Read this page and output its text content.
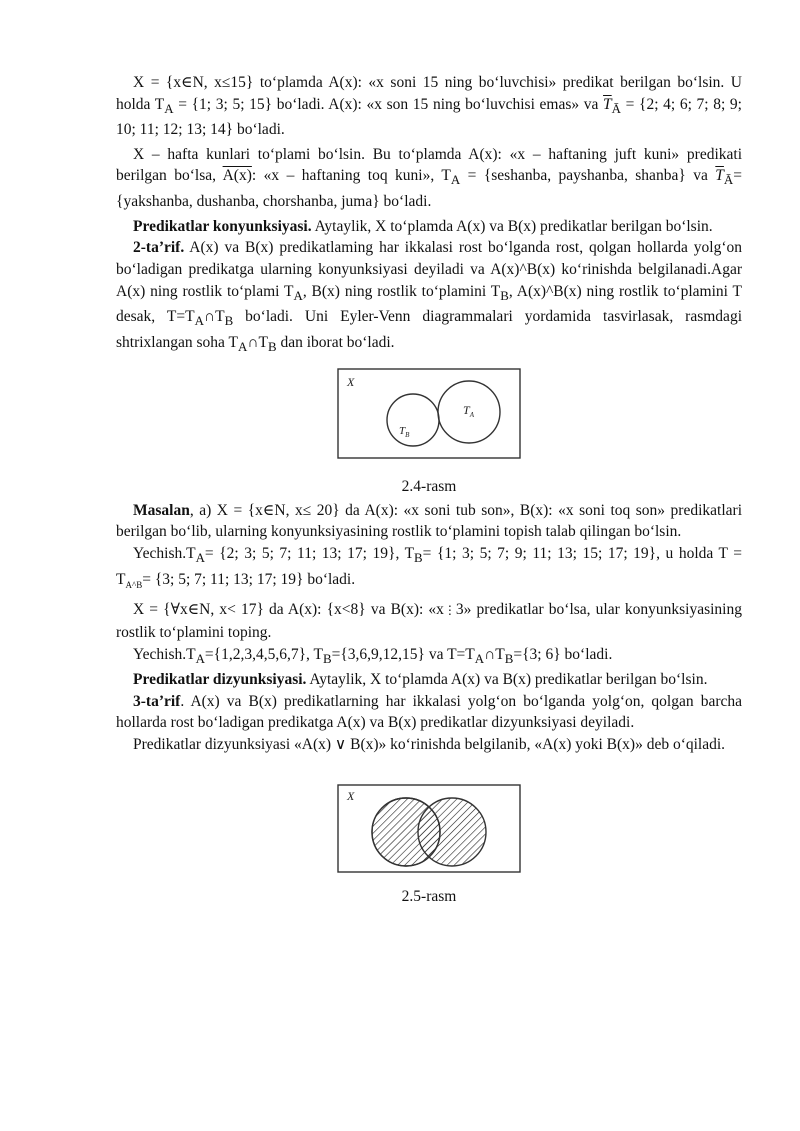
X = {x∈N, x≤15} to‘plamda A(x): «x soni 15 ning bo‘luvchisi» predikat berilgan bo‘lsin. U holda $T_A = \{1$; 3; 5; 15} bo‘ladi. A(x): «x son 15 ning bo‘luvchisi emas» va $\overline{T}_Ā = \{2$; 4; 6; 7; 8; 9; 10; 11; 12; 13; 14} bo‘ladi.

X – hafta kunlari to‘plami bo‘lsin. Bu to‘plamda A(x): «x – haftaning juft kuni» predikati berilgan bo‘lsa, A(x): «x – haftaning toq kuni», $T_A$ = {seshanba, payshanba, shanba} va $\overline{T}_Ā=$ {yakshanba, dushanba, chorshanba, juma} bo‘ladi.

Predikatlar konyunksiyasi. Aytaylik, X to‘plamda A(x) va B(x) predikatlar berilgan bo‘lsin.

2-ta’rif. A(x) va B(x) predikatlaming har ikkalasi rost bo‘lganda rost, qolgan hollarda yolg‘on bo‘ladigan predikatga ularning konyunksiyasi deyiladi va A(x)^B(x) ko‘rinishda belgilanadi.Agar A(x) ning rostlik to‘plami $T_A$, B(x) ning rostlik to‘plamini $T_B$, A(x)^B(x) ning rostlik to‘plamini T desak, $T=T_A\cap T_B$ bo‘ladi. Uni Eyler-Venn diagrammalari yordamida tasvirlasak, rasmdagi shtrixlangan soha $T_A\cap T_B$ dan iborat bo‘ladi.

X
$T_A$
$T_B$
2.4-rasm

Masalan, a) X = {x∈N, x≤ 20} da A(x): «x soni tub son», B(x): «x soni toq son» predikatlari berilgan bo‘lib, ularning konyunksiyasining rostlik to‘plamini topish talab qilingan bo‘lsin.

$Yechish.T_A= \{2$; 3; 5; 7; 11; 13; 17; 19}, $T_B= \{1$; 3; 5; 7; 9; 11; 13; 15; 17; 19}, u holda $T = T_{A\^{}B}= \{3$; 5; 7; 11; 13; 17; 19} bo‘ladi.

X = {∀x∈N, x< 17} da A(x): {x<8} va B(x): «x⋮3» predikatlar bo‘lsa, ular konyunksiyasining rostlik to‘plamini toping.

$Yechish.T_A=\{1,2,3,4,5,6,7\}$, $T_B=\{3,6,9,12,15\}$ va $T=T_A\cap T_B=\{3$; 6} bo‘ladi.

Predikatlar dizyunksiyasi. Aytaylik, X to‘plamda A(x) va B(x) predikatlar berilgan bo‘lsin.

3-ta’rif. A(x) va B(x) predikatlarning har ikkalasi yolg‘on bo‘lganda yolg‘on, qolgan barcha hollarda rost bo‘ladigan predikatga A(x) va B(x) predikatlar dizyunksiyasi deyiladi.

Predikatlar dizyunksiyasi «A(x) ∨ B(x)» ko‘rinishda belgilanib, «A(x) yoki B(x)» deb o‘qiladi.

X
2.5-rasm
